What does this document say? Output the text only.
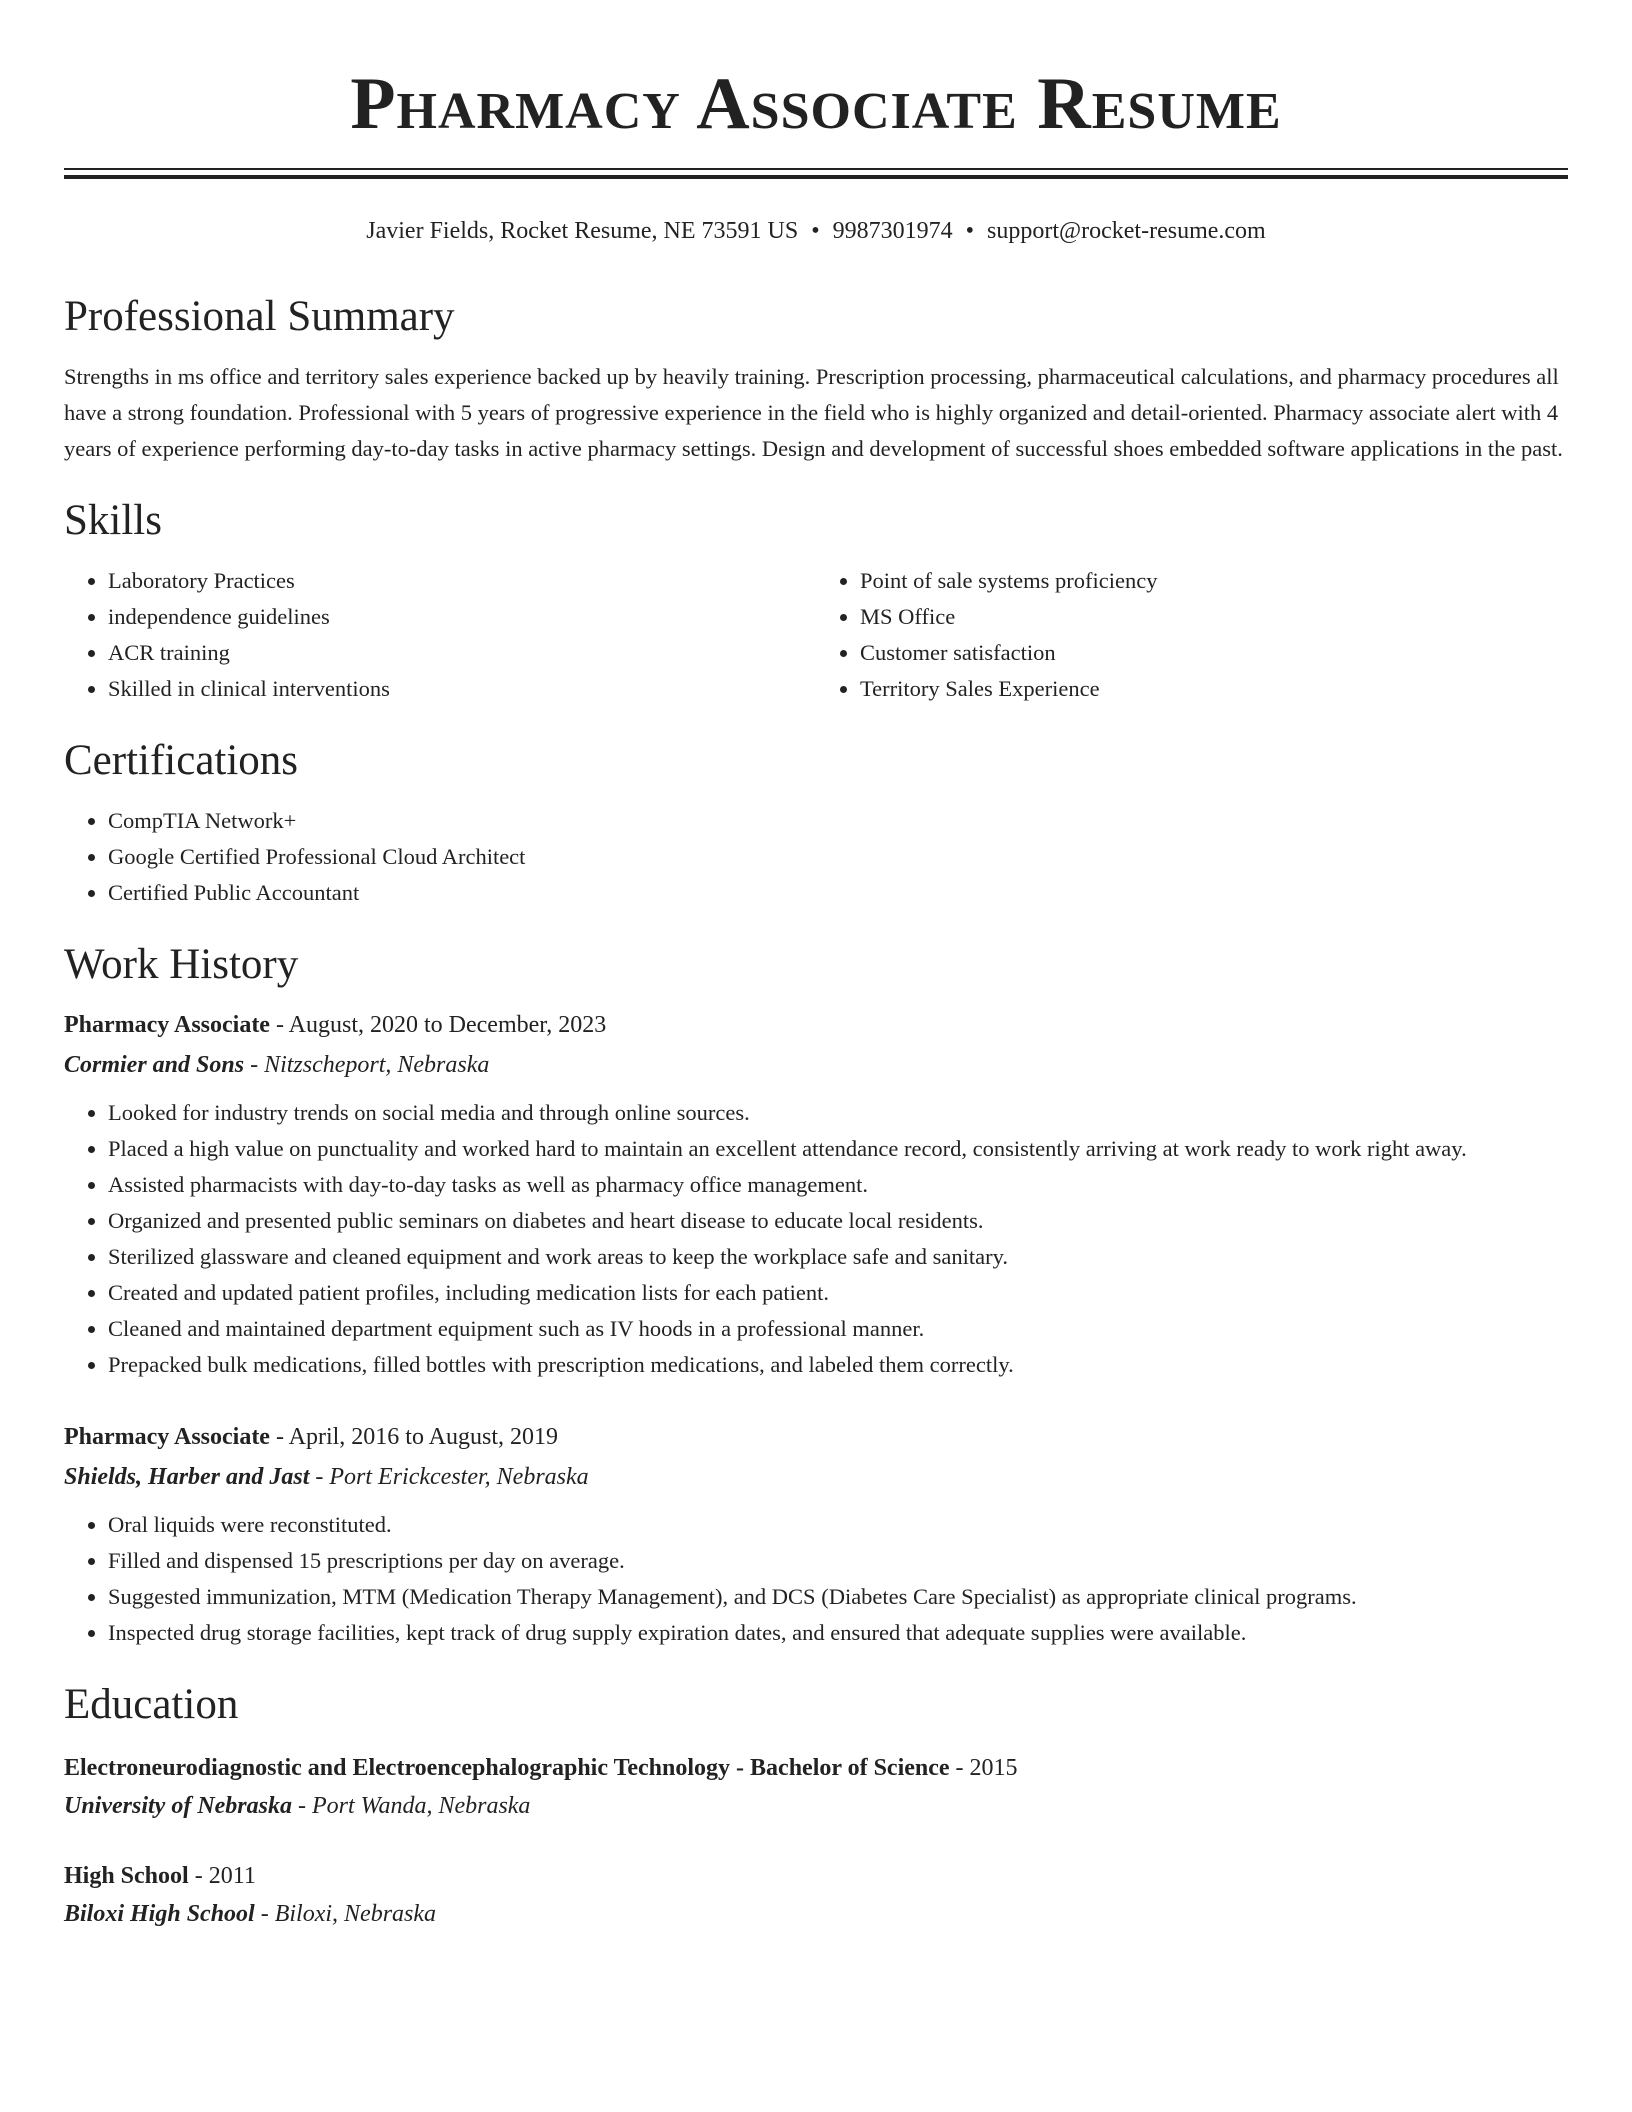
Pharmacy Associate Resume
Javier Fields, Rocket Resume, NE 73591 US • 9987301974 • support@rocket-resume.com
Professional Summary

Strengths in ms office and territory sales experience backed up by heavily training. Prescription processing, pharmaceutical calculations, and pharmacy procedures all have a strong foundation. Professional with 5 years of progressive experience in the field who is highly organized and detail-oriented. Pharmacy associate alert with 4 years of experience performing day-to-day tasks in active pharmacy settings. Design and development of successful shoes embedded software applications in the past.

Skills
• Laboratory Practices
• independence guidelines
• ACR training
• Skilled in clinical interventions
• Point of sale systems proficiency
• MS Office
• Customer satisfaction
• Territory Sales Experience
Certifications
• CompTIA Network+
• Google Certified Professional Cloud Architect
• Certified Public Accountant
Work History
Pharmacy Associate - August, 2020 to December, 2023
Cormier and Sons - Nitzscheport, Nebraska
• Looked for industry trends on social media and through online sources.
• Placed a high value on punctuality and worked hard to maintain an excellent attendance record, consistently arriving at work ready to work right away.
• Assisted pharmacists with day-to-day tasks as well as pharmacy office management.
• Organized and presented public seminars on diabetes and heart disease to educate local residents.
• Sterilized glassware and cleaned equipment and work areas to keep the workplace safe and sanitary.
• Created and updated patient profiles, including medication lists for each patient.
• Cleaned and maintained department equipment such as IV hoods in a professional manner.
• Prepacked bulk medications, filled bottles with prescription medications, and labeled them correctly.
Pharmacy Associate - April, 2016 to August, 2019
Shields, Harber and Jast - Port Erickcester, Nebraska
• Oral liquids were reconstituted.
• Filled and dispensed 15 prescriptions per day on average.
• Suggested immunization, MTM (Medication Therapy Management), and DCS (Diabetes Care Specialist) as appropriate clinical programs.
• Inspected drug storage facilities, kept track of drug supply expiration dates, and ensured that adequate supplies were available.
Education
Electroneurodiagnostic and Electroencephalographic Technology - Bachelor of Science - 2015
University of Nebraska - Port Wanda, Nebraska
High School - 2011
Biloxi High School - Biloxi, Nebraska
